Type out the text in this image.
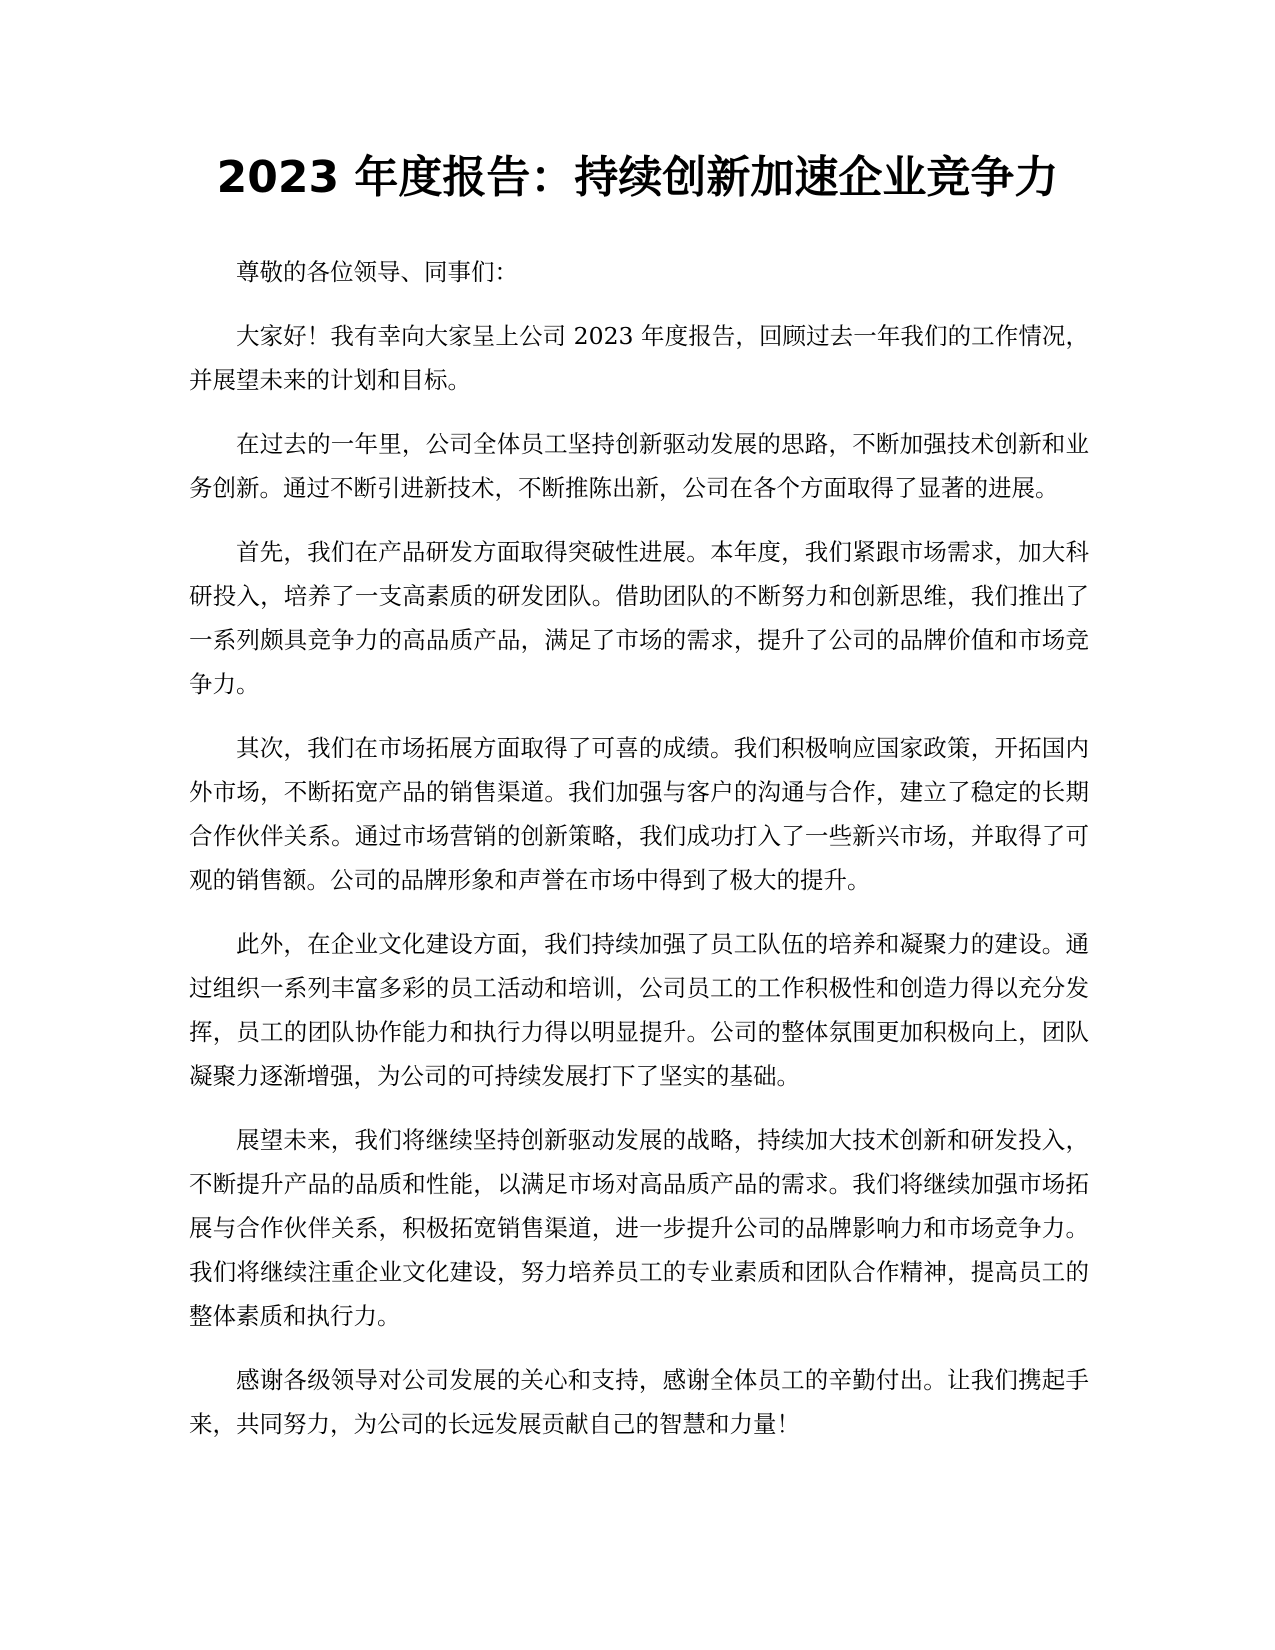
2023 年度报告：持续创新加速企业竞争力

尊敬的各位领导、同事们：

大家好！我有幸向大家呈上公司 2023 年度报告，回顾过去一年我们的工作情况，并展望未来的计划和目标。

在过去的一年里，公司全体员工坚持创新驱动发展的思路，不断加强技术创新和业务创新。通过不断引进新技术，不断推陈出新，公司在各个方面取得了显著的进展。

首先，我们在产品研发方面取得突破性进展。本年度，我们紧跟市场需求，加大科研投入，培养了一支高素质的研发团队。借助团队的不断努力和创新思维，我们推出了一系列颇具竞争力的高品质产品，满足了市场的需求，提升了公司的品牌价值和市场竞争力。

其次，我们在市场拓展方面取得了可喜的成绩。我们积极响应国家政策，开拓国内外市场，不断拓宽产品的销售渠道。我们加强与客户的沟通与合作，建立了稳定的长期合作伙伴关系。通过市场营销的创新策略，我们成功打入了一些新兴市场，并取得了可观的销售额。公司的品牌形象和声誉在市场中得到了极大的提升。

此外，在企业文化建设方面，我们持续加强了员工队伍的培养和凝聚力的建设。通过组织一系列丰富多彩的员工活动和培训，公司员工的工作积极性和创造力得以充分发挥，员工的团队协作能力和执行力得以明显提升。公司的整体氛围更加积极向上，团队凝聚力逐渐增强，为公司的可持续发展打下了坚实的基础。

展望未来，我们将继续坚持创新驱动发展的战略，持续加大技术创新和研发投入，不断提升产品的品质和性能，以满足市场对高品质产品的需求。我们将继续加强市场拓展与合作伙伴关系，积极拓宽销售渠道，进一步提升公司的品牌影响力和市场竞争力。我们将继续注重企业文化建设，努力培养员工的专业素质和团队合作精神，提高员工的整体素质和执行力。

感谢各级领导对公司发展的关心和支持，感谢全体员工的辛勤付出。让我们携起手来，共同努力，为公司的长远发展贡献自己的智慧和力量！
